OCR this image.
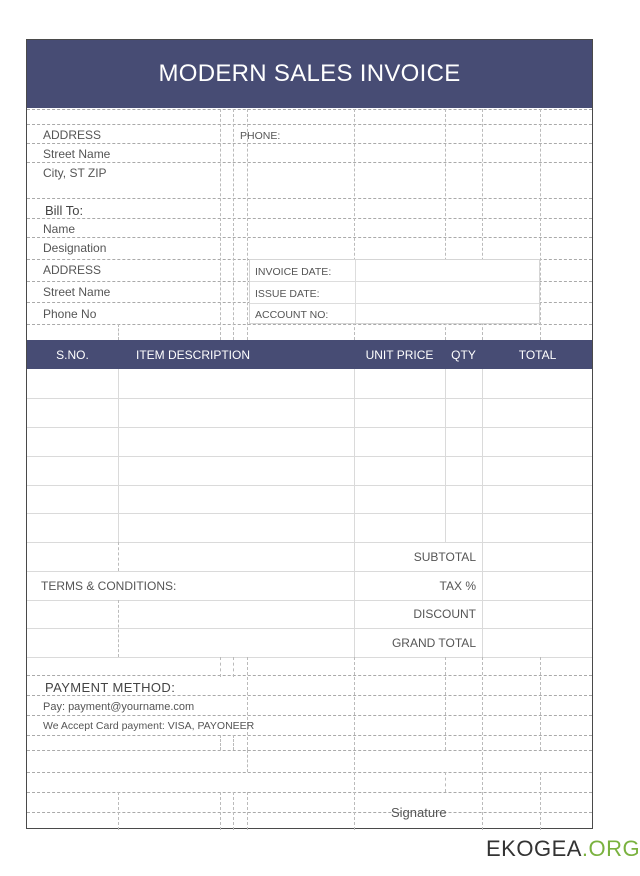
MODERN SALES INVOICE
ADDRESS
Street Name
City, ST ZIP
PHONE:
Bill To:
Name
Designation
ADDRESS
Street Name
Phone No
INVOICE DATE:
ISSUE DATE:
ACCOUNT NO:
S.NO.	ITEM DESCRIPTION	UNIT PRICE	QTY	TOTAL
SUBTOTAL
TAX %
DISCOUNT
GRAND TOTAL
TERMS & CONDITIONS:
PAYMENT METHOD:
Pay: payment@yourname.com
We Accept Card payment: VISA, PAYONEER
Signature
EKOGEA.ORG
